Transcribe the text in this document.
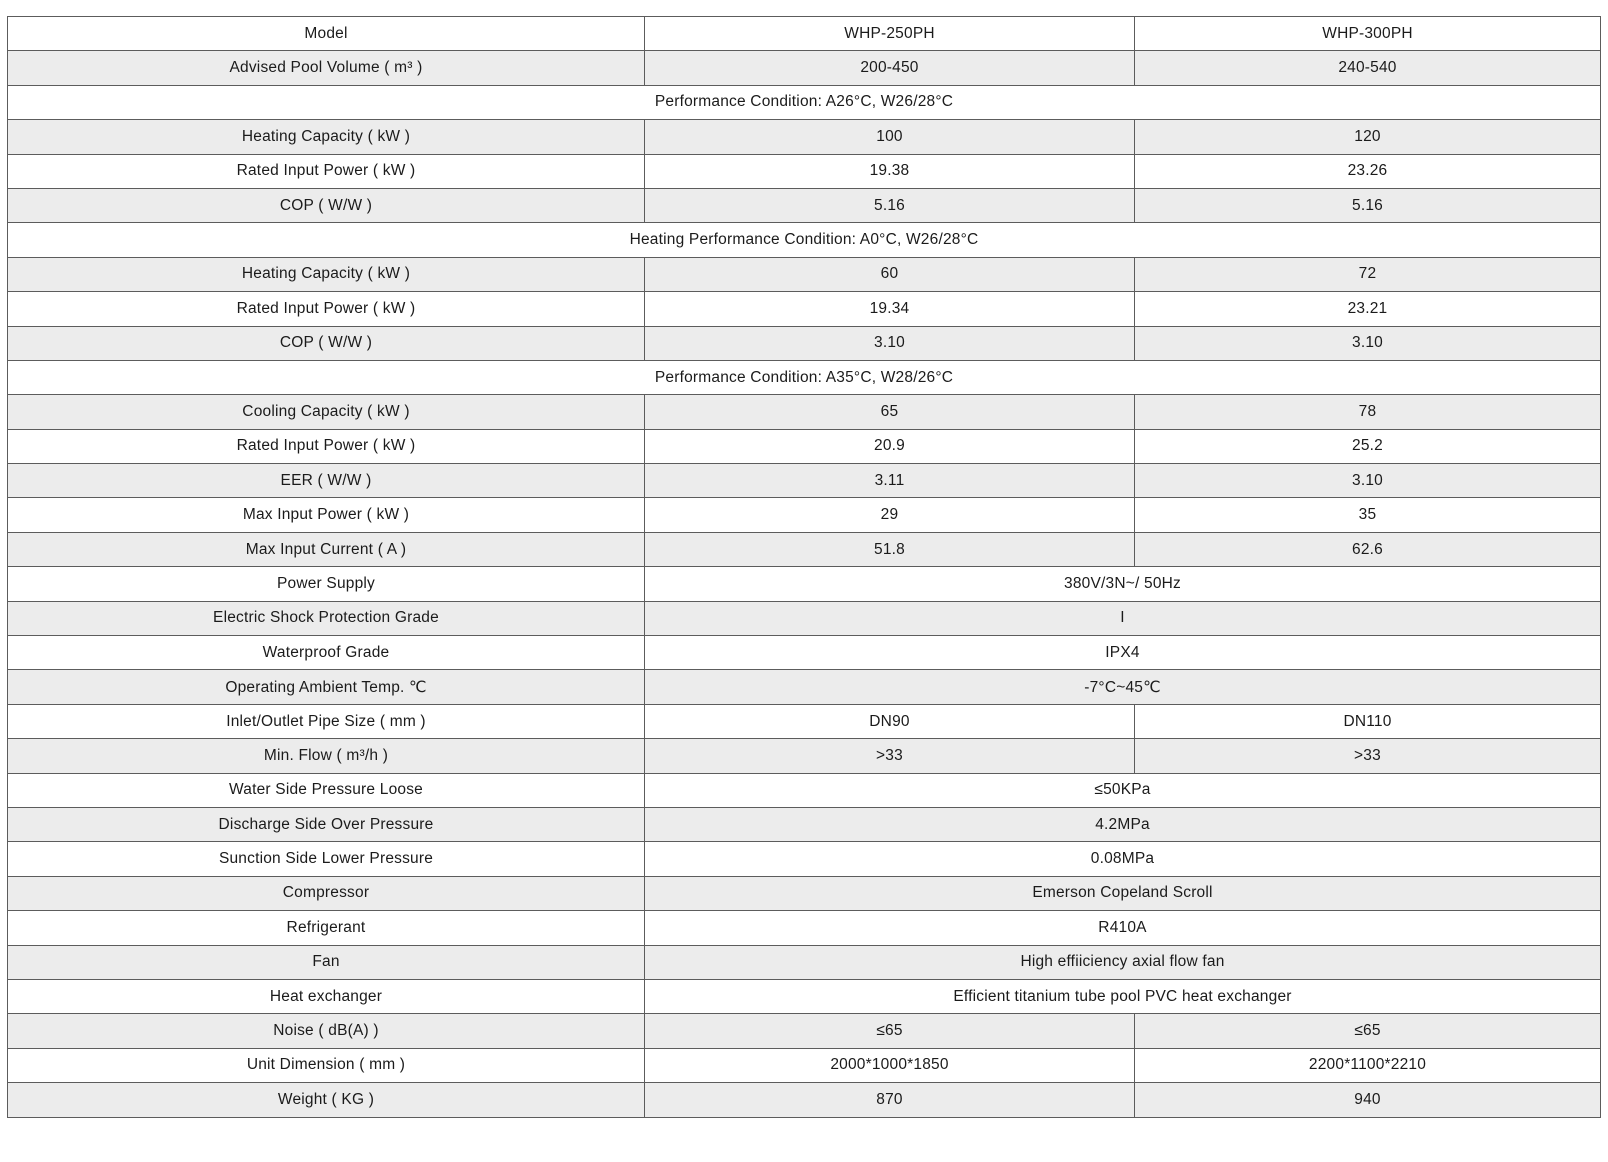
Model	WHP-250PH	WHP-300PH
Advised Pool Volume ( m³ )	200-450	240-540
Performance Condition: A26°C, W26/28°C		
Heating Capacity ( kW )	100	120
Rated Input Power ( kW )	19.38	23.26
COP ( W/W )	5.16	5.16
Heating Performance Condition: A0°C, W26/28°C		
Heating Capacity ( kW )	60	72
Rated Input Power ( kW )	19.34	23.21
COP ( W/W )	3.10	3.10
Performance Condition: A35°C, W28/26°C		
Cooling Capacity ( kW )	65	78
Rated Input Power ( kW )	20.9	25.2
EER ( W/W )	3.11	3.10
Max Input Power ( kW )	29	35
Max Input Current ( A )	51.8	62.6
Power Supply	380V/3N~/ 50Hz	
Electric Shock Protection Grade	I	
Waterproof Grade	IPX4	
Operating Ambient Temp. ℃	-7°C~45℃	
Inlet/Outlet Pipe Size ( mm )	DN90	DN110
Min. Flow ( m³/h )	>33	>33
Water Side Pressure Loose	≤50KPa	
Discharge Side Over Pressure	4.2MPa	
Sunction Side Lower Pressure	0.08MPa	
Compressor	Emerson Copeland Scroll	
Refrigerant	R410A	
Fan	High effiiciency axial flow fan	
Heat exchanger	Efficient titanium tube pool PVC heat exchanger	
Noise ( dB(A) )	≤65	≤65
Unit Dimension ( mm )	2000*1000*1850	2200*1100*2210
Weight ( KG )	870	940
